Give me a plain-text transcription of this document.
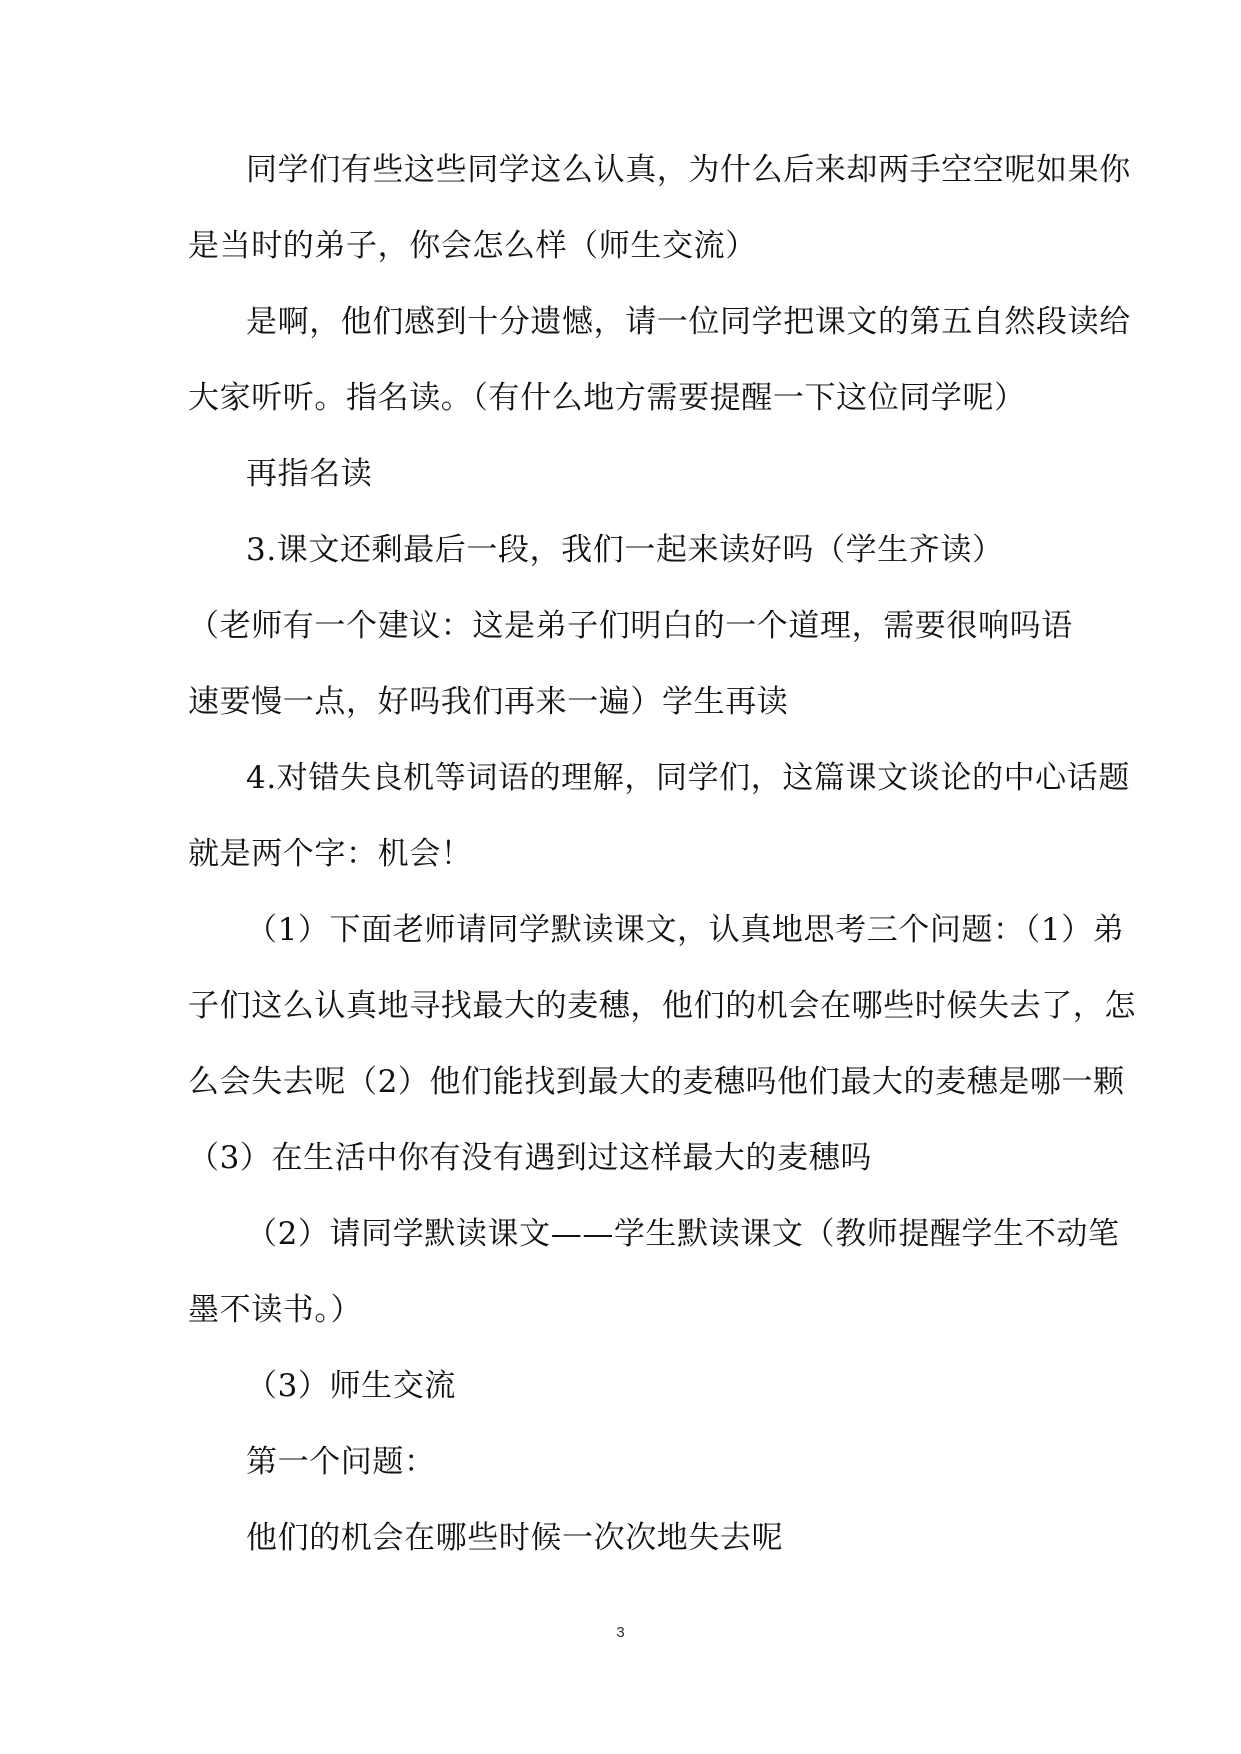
同学们有些这些同学这么认真，为什么后来却两手空空呢如果你
是当时的弟子，你会怎么样（师生交流）
是啊，他们感到十分遗憾，请一位同学把课文的第五自然段读给
大家听听。指名读。（有什么地方需要提醒一下这位同学呢）
再指名读
3.课文还剩最后一段，我们一起来读好吗（学生齐读）
（老师有一个建议：这是弟子们明白的一个道理，需要很响吗语
速要慢一点，好吗我们再来一遍）学生再读
4.对错失良机等词语的理解，同学们，这篇课文谈论的中心话题
就是两个字：机会！
（1）下面老师请同学默读课文，认真地思考三个问题：（1）弟
子们这么认真地寻找最大的麦穗，他们的机会在哪些时候失去了，怎
么会失去呢（2）他们能找到最大的麦穗吗他们最大的麦穗是哪一颗
（3）在生活中你有没有遇到过这样最大的麦穗吗
（2）请同学默读课文——学生默读课文（教师提醒学生不动笔
墨不读书。）
（3）师生交流
第一个问题：
他们的机会在哪些时候一次次地失去呢
3
